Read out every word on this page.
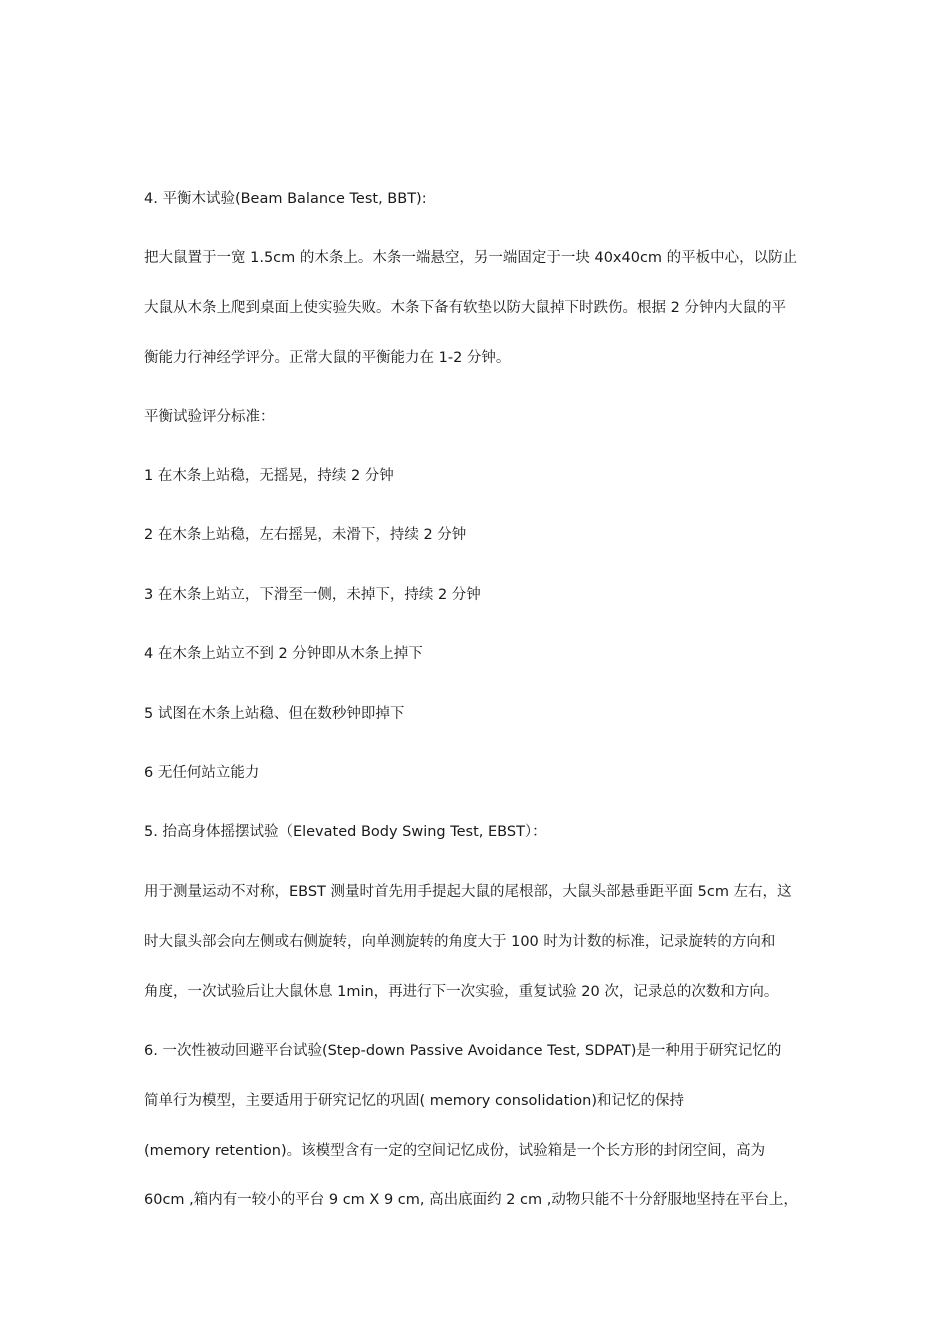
4. 平衡木试验(Beam Balance Test, BBT):
把大鼠置于一宽 1.5cm 的木条上。木条一端悬空，另一端固定于一块 40x40cm 的平板中心，以防止
大鼠从木条上爬到桌面上使实验失败。木条下备有软垫以防大鼠掉下时跌伤。根据 2 分钟内大鼠的平
衡能力行神经学评分。正常大鼠的平衡能力在 1-2 分钟。
平衡试验评分标准：
1 在木条上站稳，无摇晃，持续 2 分钟
2 在木条上站稳，左右摇晃，未滑下，持续 2 分钟
3 在木条上站立，下滑至一侧，未掉下，持续 2 分钟
4 在木条上站立不到 2 分钟即从木条上掉下
5 试图在木条上站稳、但在数秒钟即掉下
6 无任何站立能力
5. 抬高身体摇摆试验（Elevated Body Swing Test, EBST）：
用于测量运动不对称，EBST 测量时首先用手提起大鼠的尾根部，大鼠头部悬垂距平面 5cm 左右，这
时大鼠头部会向左侧或右侧旋转，向单测旋转的角度大于 100 时为计数的标准，记录旋转的方向和
角度，一次试验后让大鼠休息 1min，再进行下一次实验，重复试验 20 次，记录总的次数和方向。
6. 一次性被动回避平台试验(Step-down Passive Avoidance Test, SDPAT)是一种用于研究记忆的
简单行为模型，主要适用于研究记忆的巩固( memory consolidation)和记忆的保持
(memory retention)。该模型含有一定的空间记忆成份，试验箱是一个长方形的封闭空间，高为
60cm ,箱内有一较小的平台 9 cm X 9 cm, 高出底面约 2 cm ,动物只能不十分舒服地坚持在平台上，
